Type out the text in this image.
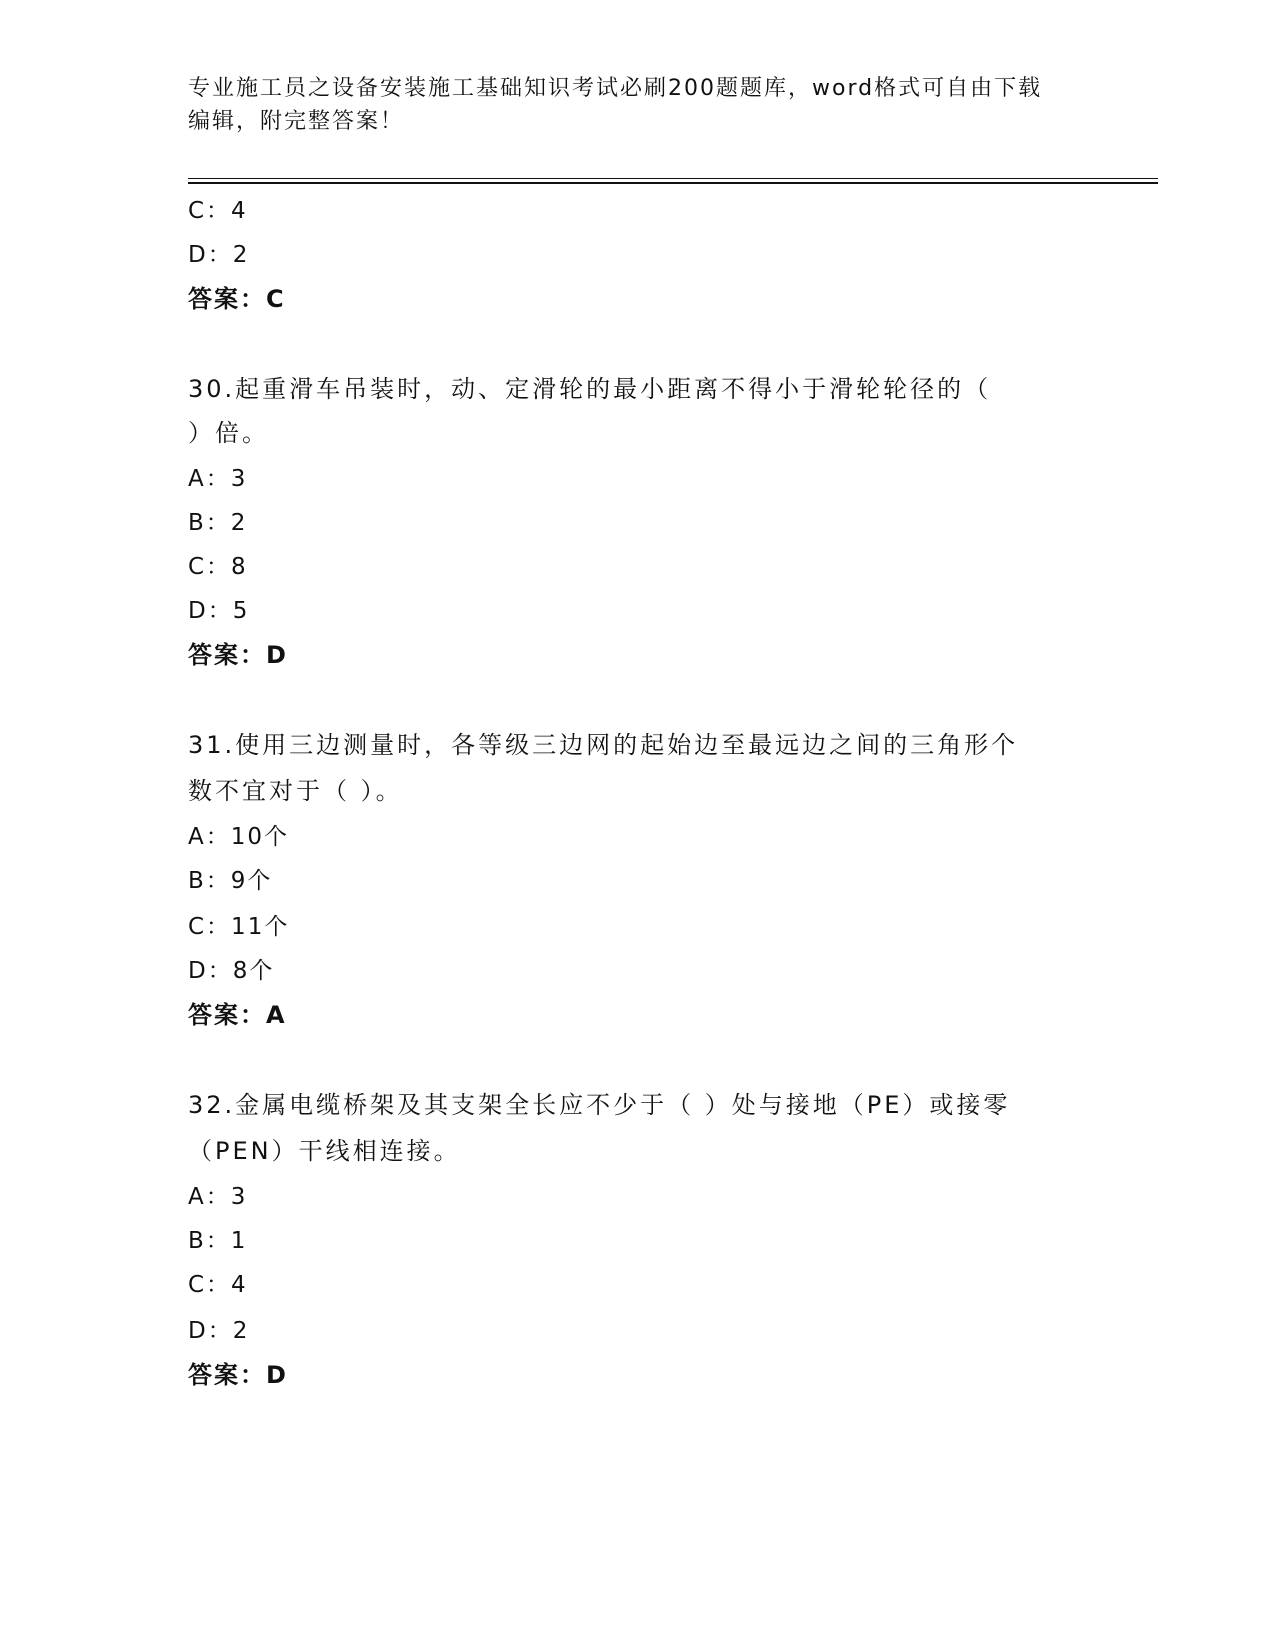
专业施工员之设备安装施工基础知识考试必刷200题题库，word格式可自由下载
编辑，附完整答案！
C：4
D：2
答案：C
30.起重滑车吊装时，动、定滑轮的最小距离不得小于滑轮轮径的（
）倍。
A：3
B：2
C：8
D：5
答案：D
31.使用三边测量时，各等级三边网的起始边至最远边之间的三角形个
数不宜对于（ ）。
A：10个
B：9个
C：11个
D：8个
答案：A
32.金属电缆桥架及其支架全长应不少于（ ）处与接地（PE）或接零
（PEN）干线相连接。
A：3
B：1
C：4
D：2
答案：D
